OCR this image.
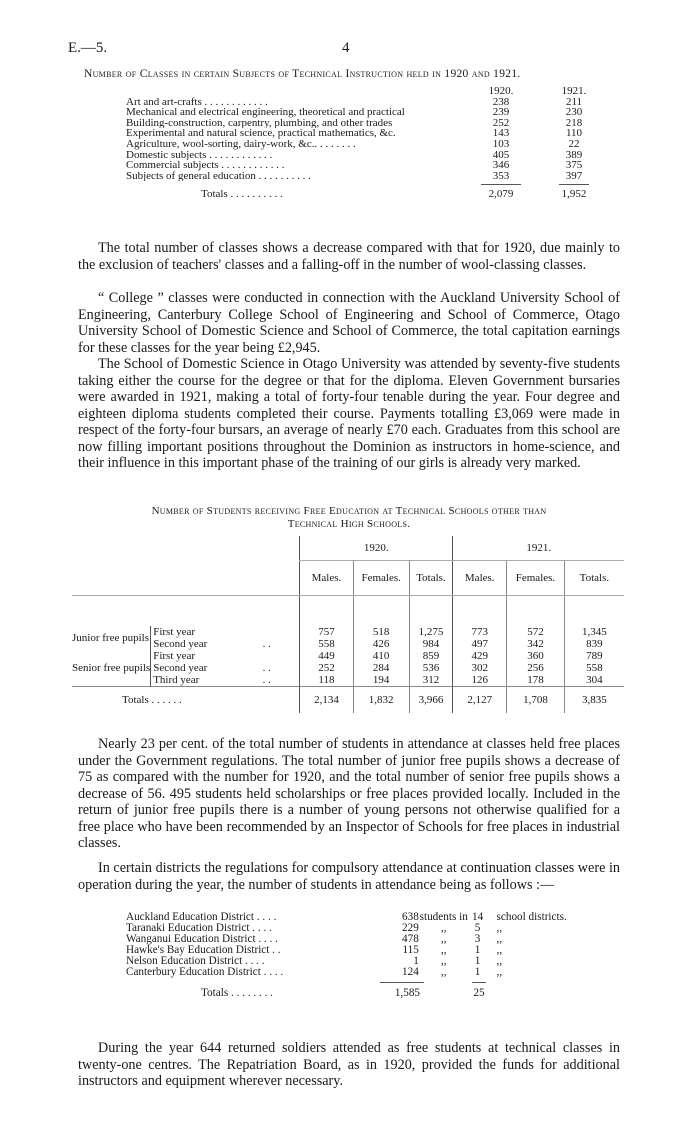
E.—5.	4
Number of Classes in certain Subjects of Technical Instruction held in 1920 and 1921.
1920.	1921.
Art and art-crafts . . . . . . . . . . . .	238	211
Mechanical and electrical engineering, theoretical and practical	239	230
Building-construction, carpentry, plumbing, and other trades	252	218
Experimental and natural science, practical mathematics, &c.	143	110
Agriculture, wool-sorting, dairy-work, &c.. . . . . . . .	103	22
Domestic subjects . . . . . . . . . . . .	405	389
Commercial subjects . . . . . . . . . . . .	346	375
Subjects of general education . . . . . . . . . .	353	397
Totals . . . . . . . . . .	2,079	1,952

The total number of classes shows a decrease compared with that for 1920, due mainly to the exclusion of teachers' classes and a falling-off in the number of wool-classing classes.

“ College ” classes were conducted in connection with the Auckland University School of Engineering, Canterbury College School of Engineering and School of Commerce, Otago University School of Domestic Science and School of Commerce, the total capitation earnings for these classes for the year being £2,945.

The School of Domestic Science in Otago University was attended by seventy-five students taking either the course for the degree or that for the diploma. Eleven Government bursaries were awarded in 1921, making a total of forty-four tenable during the year. Four degree and eighteen diploma students completed their course. Payments totalling £3,069 were made in respect of the forty-four bursars, an average of nearly £70 each. Graduates from this school are now filling important positions throughout the Dominion as instructors in home-science, and their influence in this important phase of the training of our girls is already very marked.

Number of Students receiving Free Education at Technical Schools other than
Technical High Schools.
			1920.			1921.		
			Males.	Females.	Totals.	Males.	Females.	Totals.

Junior free pupils	First year		757	518	1,275	773	572	1,345
	Second year	. .	558	426	984	497	342	839
Senior free pupils	First year		449	410	859	429	360	789
	Second year	. .	252	284	536	302	256	558
	Third year	. .	118	194	312	126	178	304
Totals . . . . . .			2,134	1,832	3,966	2,127	1,708	3,835

Nearly 23 per cent. of the total number of students in attendance at classes held free places under the Government regulations. The total number of junior free pupils shows a decrease of 75 as compared with the number for 1920, and the total number of senior free pupils shows a decrease of 56. 495 students held scholarships or free places provided locally. Included in the return of junior free pupils there is a number of young persons not otherwise qualified for a free place who have been recommended by an Inspector of Schools for free places in industrial classes.

In certain districts the regulations for compulsory attendance at continuation classes were in operation during the year, the number of students in attendance being as follows :—

Auckland Education District . . . .	638 students in 14	school districts.
Taranaki Education District . . . .	229	,,	5	,,
Wanganui Education District . . . .	478	,,	3	,,
Hawke's Bay Education District . .	115	,,	1	,,
Nelson Education District . . . .	1	,,	1	,,
Canterbury Education District . . . .	124	,,	1	,,
Totals . . . . . . . .	1,585	25

During the year 644 returned soldiers attended as free students at technical classes in twenty-one centres. The Repatriation Board, as in 1920, provided the funds for additional instructors and equipment wherever necessary.
